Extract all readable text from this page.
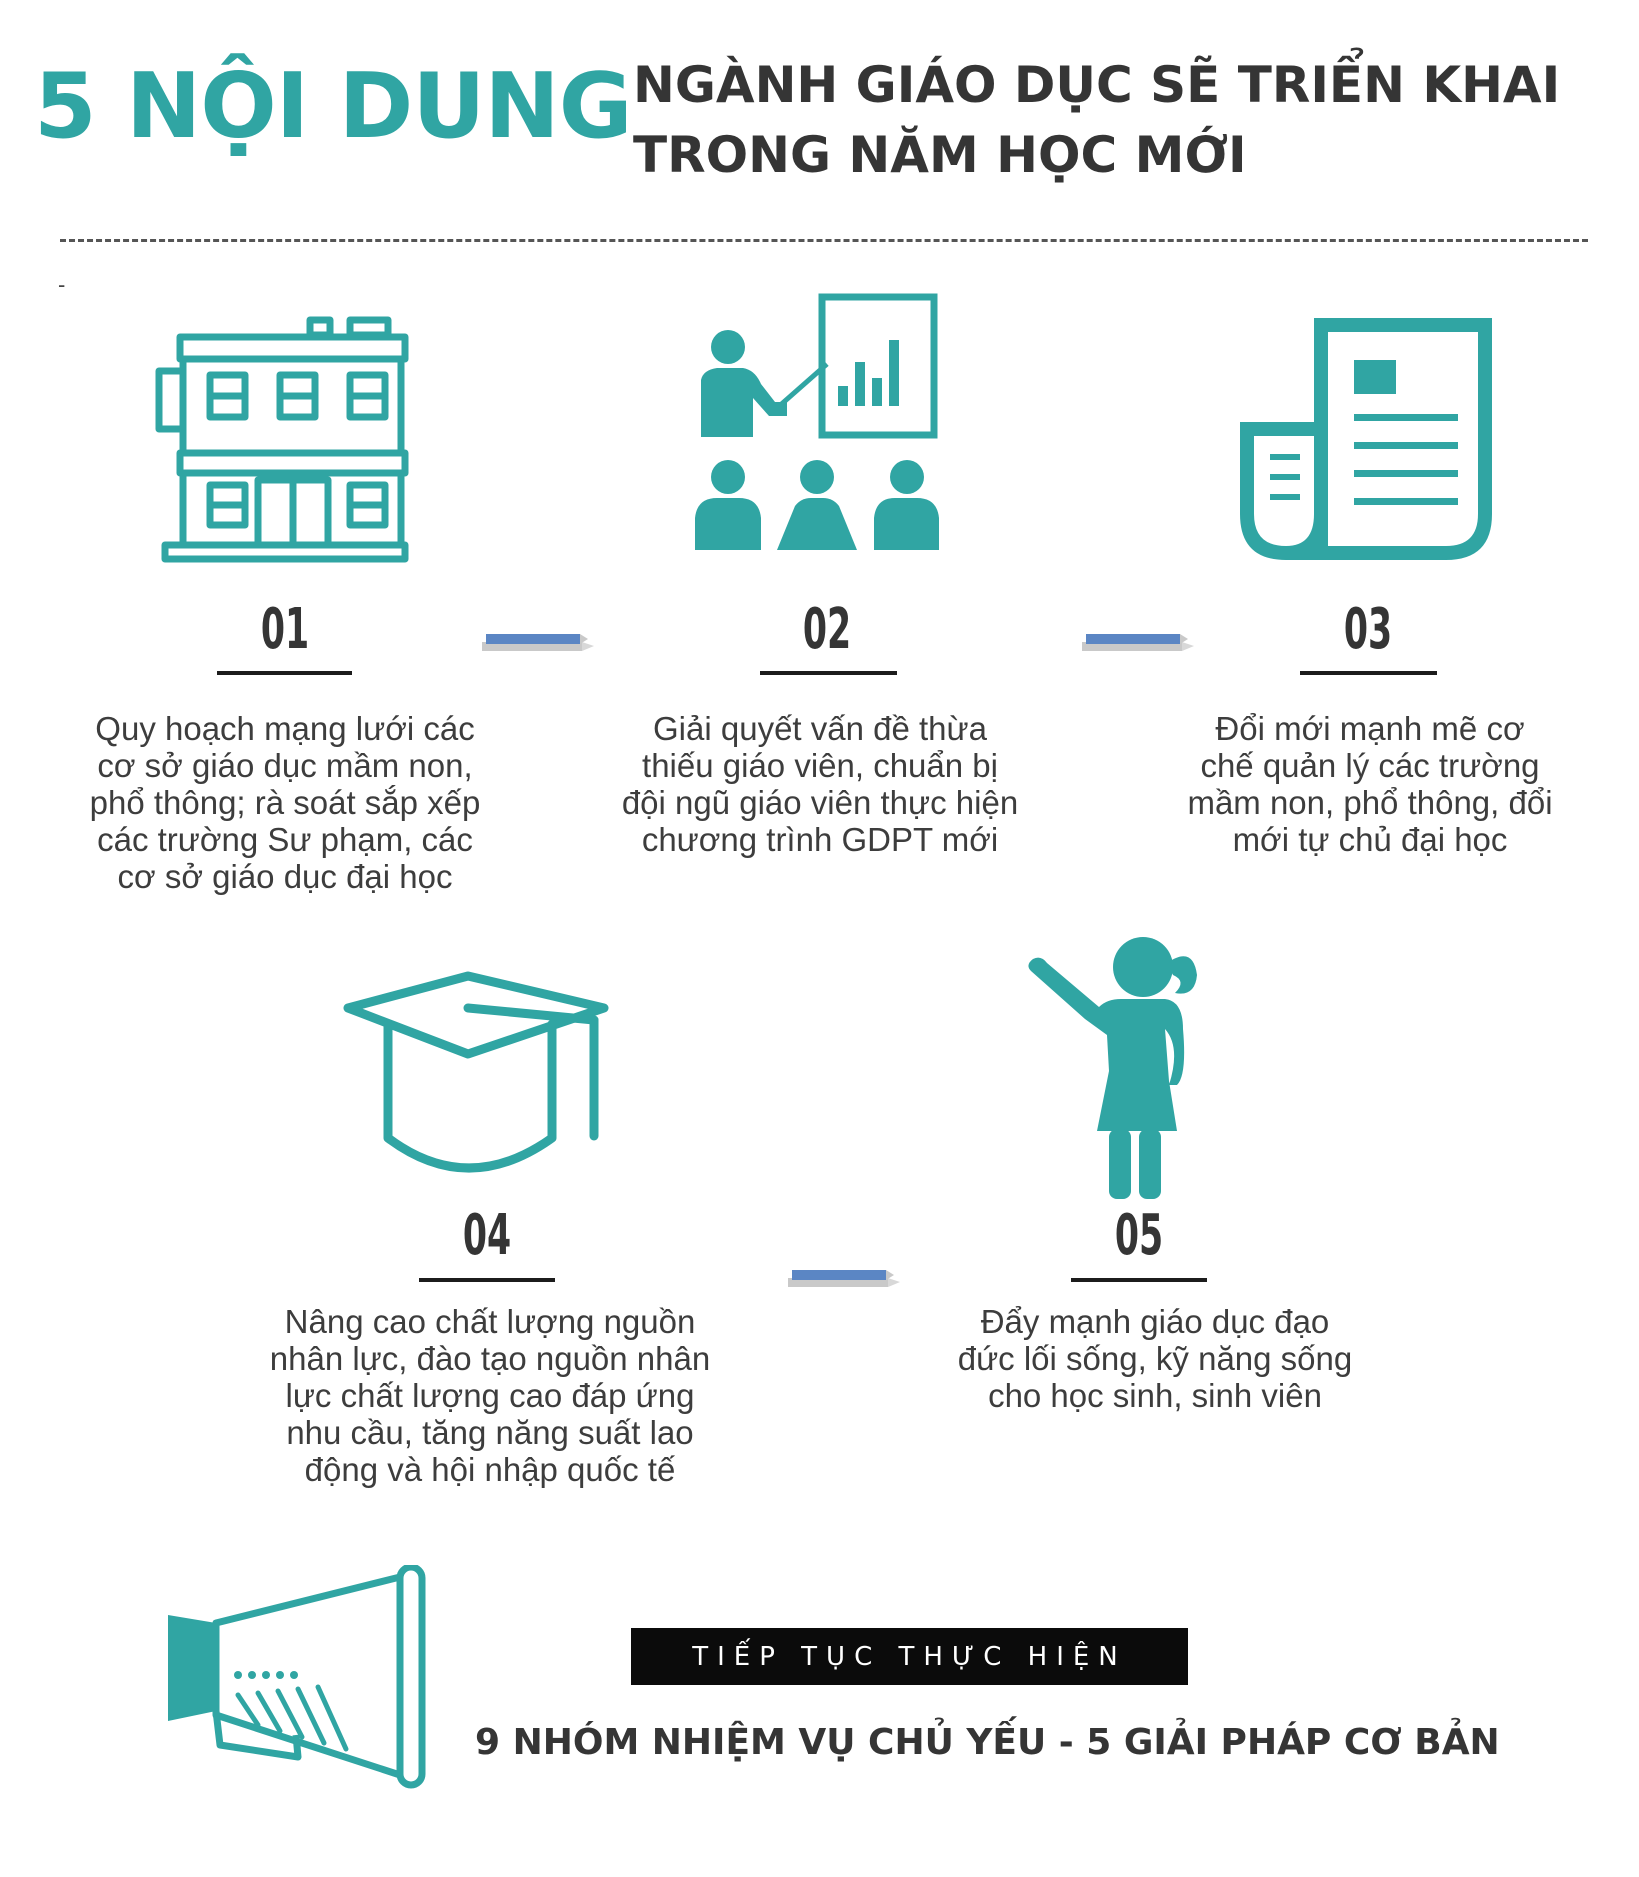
5 NỘI DUNG NGÀNH GIÁO DỤC SẼ TRIỂN KHAI
TRONG NĂM HỌC MỚI
-
01	02	03
Quy hoạch mạng lưới các
cơ sở giáo dục mầm non,
phổ thông; rà soát sắp xếp
các trường Sư phạm, các
cơ sở giáo dục đại học
Giải quyết vấn đề thừa
thiếu giáo viên, chuẩn bị
đội ngũ giáo viên thực hiện
chương trình GDPT mới
Đổi mới mạnh mẽ cơ
chế quản lý các trường
mầm non, phổ thông, đổi
mới tự chủ đại học
04	05
Nâng cao chất lượng nguồn
nhân lực, đào tạo nguồn nhân
lực chất lượng cao đáp ứng
nhu cầu, tăng năng suất lao
động và hội nhập quốc tế
Đẩy mạnh giáo dục đạo
đức lối sống, kỹ năng sống
cho học sinh, sinh viên
TIẾP TỤC THỰC HIỆN
9 NHÓM NHIỆM VỤ CHỦ YẾU - 5 GIẢI PHÁP CƠ BẢN
